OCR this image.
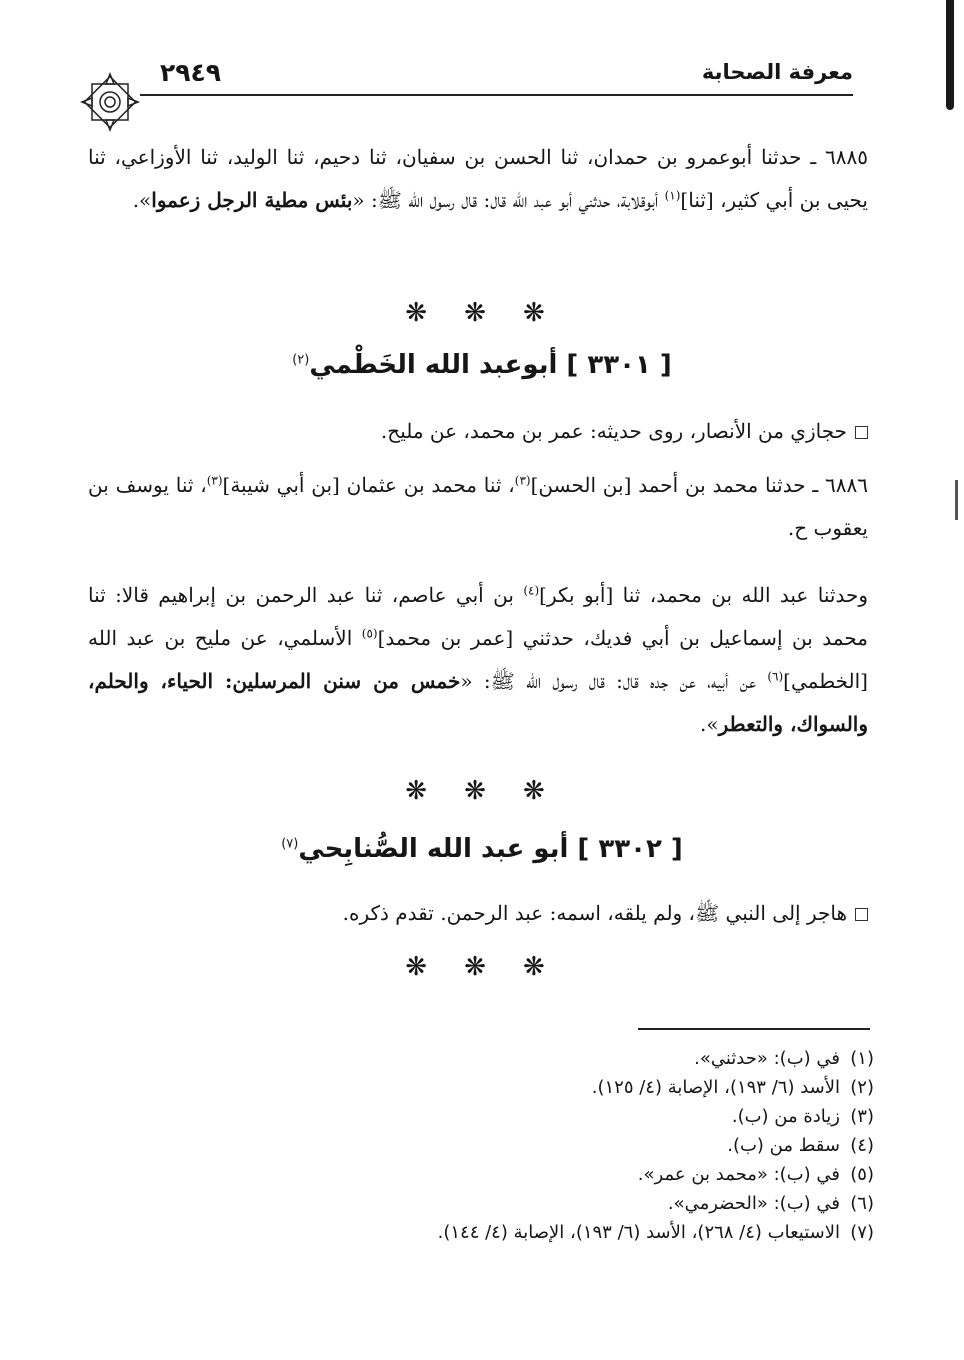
معرفة الصحابة
٢٩٤٩
٦٨٨٥ ـ حدثنا أبوعمرو بن حمدان، ثنا الحسن بن سفيان، ثنا دحيم، ثنا الوليد، ثنا الأوزاعي، ثنا يحيى بن أبي كثير، [ثنا]$^{(١)}$ أبوقلابة، حدثني أبو عبد الله قال: قال رسول الله ﷺ: «بئس مطية الرجل زعموا».
❋ ❋ ❋
[ ٣٣٠١ ] أبوعبد الله الخَطْمي$^{(٢)}$
حجازي من الأنصار، روى حديثه: عمر بن محمد، عن مليح.
٦٨٨٦ ـ حدثنا محمد بن أحمد [بن الحسن]$^{(٣)}$، ثنا محمد بن عثمان [بن أبي شيبة]$^{(٣)}$، ثنا يوسف بن يعقوب ح.
وحدثنا عبد الله بن محمد، ثنا [أبو بكر]$^{(٤)}$ بن أبي عاصم، ثنا عبد الرحمن بن إبراهيم قالا: ثنا محمد بن إسماعيل بن أبي فديك، حدثني [عمر بن محمد]$^{(٥)}$ الأسلمي، عن مليح بن عبد الله [الخطمي]$^{(٦)}$ عن أبيه، عن جده قال: قال رسول الله ﷺ: «خمس من سنن المرسلين: الحياء، والحلم، والسواك، والتعطر».
❋ ❋ ❋
[ ٣٣٠٢ ] أبو عبد الله الصُّنابِحي$^{(٧)}$
هاجر إلى النبي ﷺ، ولم يلقه، اسمه: عبد الرحمن. تقدم ذكره.
❋ ❋ ❋
(١)في (ب): «حدثني».
(٢)الأسد (٦/ ١٩٣)، الإصابة (٤/ ١٢٥).
(٣)زيادة من (ب).
(٤)سقط من (ب).
(٥)في (ب): «محمد بن عمر».
(٦)في (ب): «الحضرمي».
(٧)الاستيعاب (٤/ ٢٦٨)، الأسد (٦/ ١٩٣)، الإصابة (٤/ ١٤٤).
